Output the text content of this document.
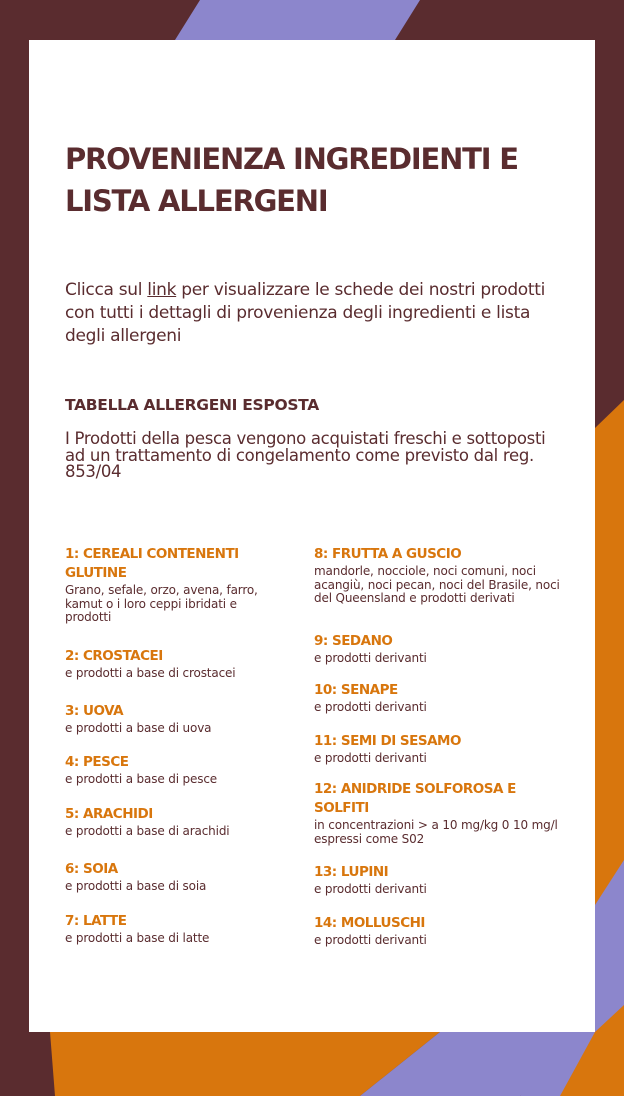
PROVENIENZA INGREDIENTI E
LISTA ALLERGENI

Clicca sul link per visualizzare le schede dei nostri prodotti con tutti i dettagli di provenienza degli ingredienti e lista degli allergeni

TABELLA ALLERGENI ESPOSTA

I Prodotti della pesca vengono acquistati freschi e sottoposti ad un trattamento di congelamento come previsto dal reg. 853/04

1: CEREALI CONTENENTI GLUTINE

Grano, sefale, orzo, avena, farro, kamut o i loro ceppi ibridati e prodotti

2: CROSTACEI

e prodotti a base di crostacei

3: UOVA

e prodotti a base di uova

4: PESCE

e prodotti a base di pesce

5: ARACHIDI

e prodotti a base di arachidi

6: SOIA

e prodotti a base di soia

7: LATTE

e prodotti a base di latte

8: FRUTTA A GUSCIO

mandorle, nocciole, noci comuni, noci acangiù, noci pecan, noci del Brasile, noci del Queensland e prodotti derivati

9: SEDANO

e prodotti derivanti

10: SENAPE

e prodotti derivanti

11: SEMI DI SESAMO

e prodotti derivanti

12: ANIDRIDE SOLFOROSA E SOLFITI

in concentrazioni > a 10 mg/kg 0 10 mg/l espressi come S02

13: LUPINI

e prodotti derivanti

14: MOLLUSCHI

e prodotti derivanti
